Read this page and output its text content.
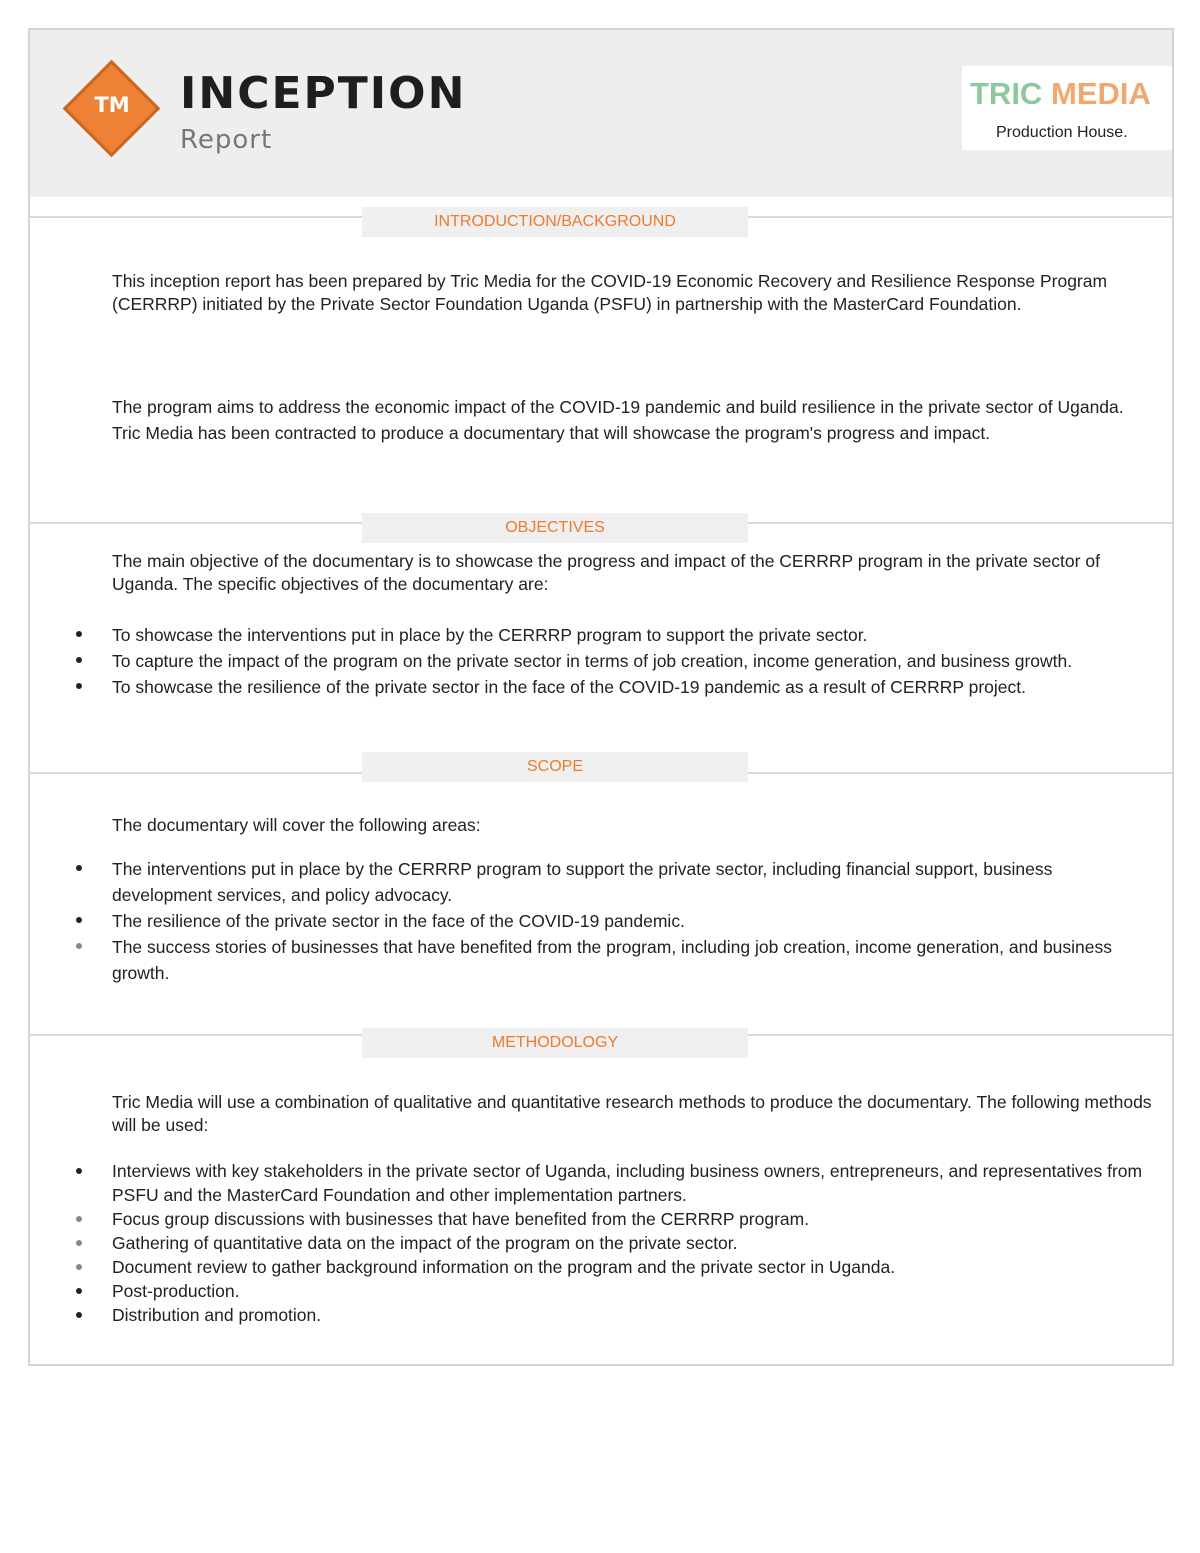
TM INCEPTION
Report
TRIC MEDIA
Production House.
INTRODUCTION/BACKGROUND

This inception report has been prepared by Tric Media for the COVID-19 Economic Recovery and Resilience Response Program (CERRRP) initiated by the Private Sector Foundation Uganda (PSFU) in partnership with the MasterCard Foundation.

The program aims to address the economic impact of the COVID-19 pandemic and build resilience in the private sector of Uganda. Tric Media has been contracted to produce a documentary that will showcase the program's progress and impact.

OBJECTIVES

The main objective of the documentary is to showcase the progress and impact of the CERRRP program in the private sector of Uganda. The specific objectives of the documentary are:

To showcase the interventions put in place by the CERRRP program to support the private sector.
To capture the impact of the program on the private sector in terms of job creation, income generation, and business growth.
To showcase the resilience of the private sector in the face of the COVID-19 pandemic as a result of CERRRP project.
SCOPE

The documentary will cover the following areas:

The interventions put in place by the CERRRP program to support the private sector, including financial support, business development services, and policy advocacy.
The resilience of the private sector in the face of the COVID-19 pandemic.
The success stories of businesses that have benefited from the program, including job creation, income generation, and business growth.
METHODOLOGY

Tric Media will use a combination of qualitative and quantitative research methods to produce the documentary. The following methods will be used:

Interviews with key stakeholders in the private sector of Uganda, including business owners, entrepreneurs, and representatives from PSFU and the MasterCard Foundation and other implementation partners.
Focus group discussions with businesses that have benefited from the CERRRP program.
Gathering of quantitative data on the impact of the program on the private sector.
Document review to gather background information on the program and the private sector in Uganda.
Post-production.
Distribution and promotion.
